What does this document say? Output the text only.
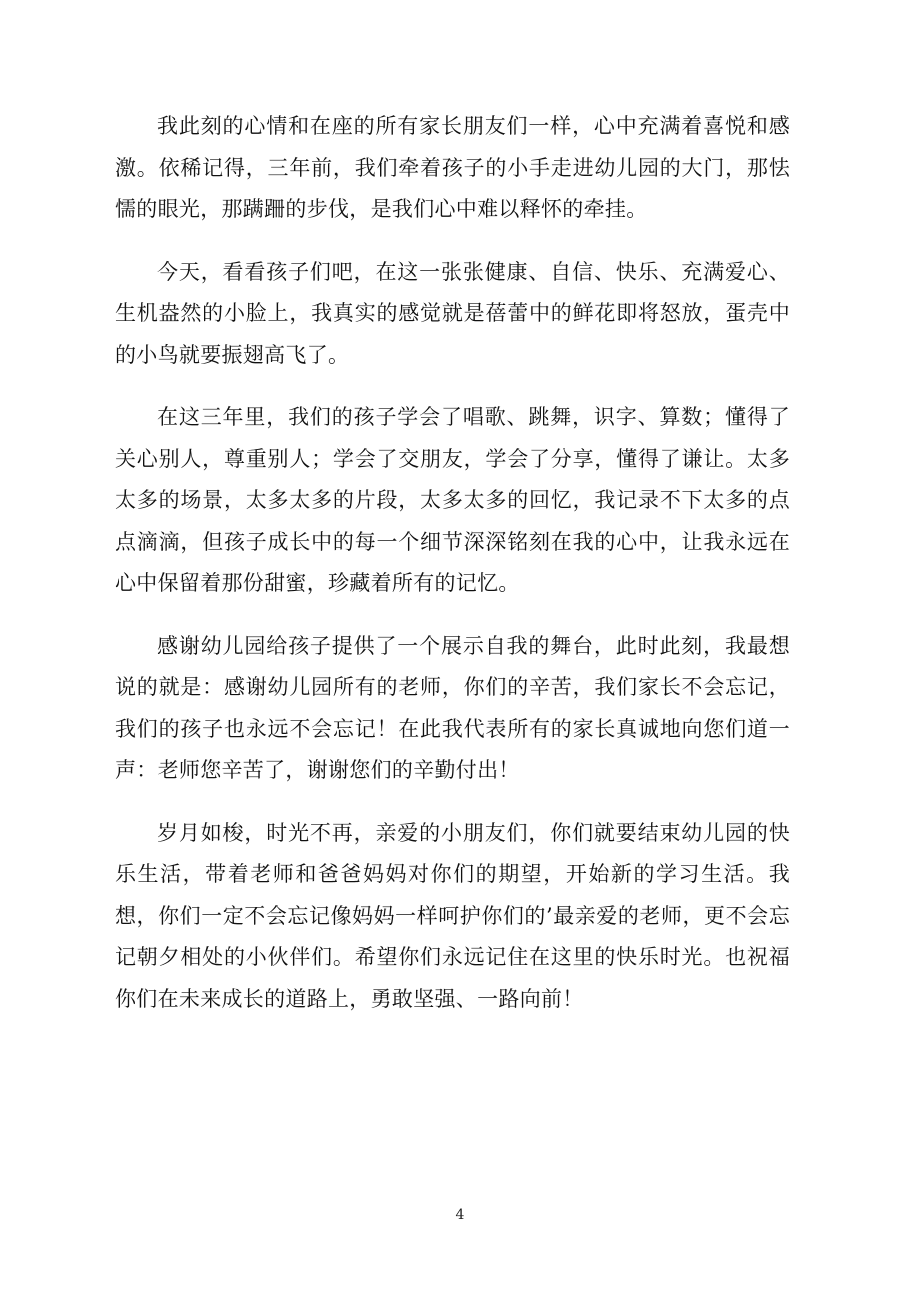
我此刻的心情和在座的所有家长朋友们一样，心中充满着喜悦和感激。依稀记得，三年前，我们牵着孩子的小手走进幼儿园的大门，那怯懦的眼光，那蹒跚的步伐，是我们心中难以释怀的牵挂。

今天，看看孩子们吧，在这一张张健康、自信、快乐、充满爱心、生机盎然的小脸上，我真实的感觉就是蓓蕾中的鲜花即将怒放，蛋壳中的小鸟就要振翅高飞了。

在这三年里，我们的孩子学会了唱歌、跳舞，识字、算数；懂得了关心别人，尊重别人；学会了交朋友，学会了分享，懂得了谦让。太多太多的场景，太多太多的片段，太多太多的回忆，我记录不下太多的点点滴滴，但孩子成长中的每一个细节深深铭刻在我的心中，让我永远在心中保留着那份甜蜜，珍藏着所有的记忆。

感谢幼儿园给孩子提供了一个展示自我的舞台，此时此刻，我最想说的就是：感谢幼儿园所有的老师，你们的辛苦，我们家长不会忘记，我们的孩子也永远不会忘记！在此我代表所有的家长真诚地向您们道一声：老师您辛苦了，谢谢您们的辛勤付出！

岁月如梭，时光不再，亲爱的小朋友们，你们就要结束幼儿园的快乐生活，带着老师和爸爸妈妈对你们的期望，开始新的学习生活。我想，你们一定不会忘记像妈妈一样呵护你们的’最亲爱的老师，更不会忘记朝夕相处的小伙伴们。希望你们永远记住在这里的快乐时光。也祝福你们在未来成长的道路上，勇敢坚强、一路向前！

4
